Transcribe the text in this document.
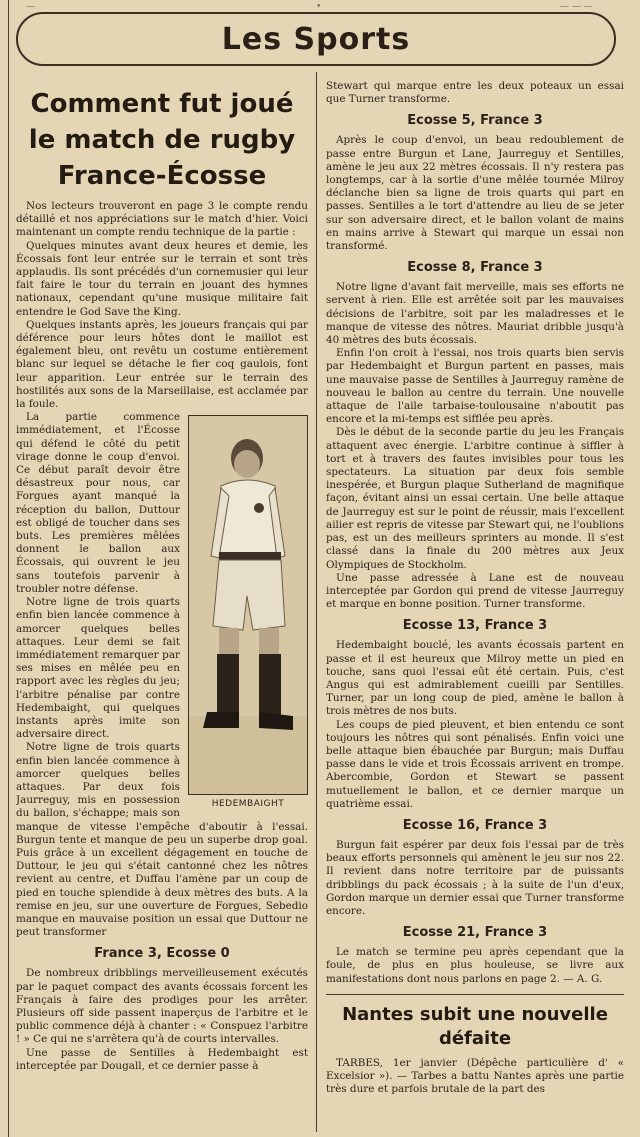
—	•	— — —
Les Sports
Comment fut joué
le match de rugby
France-Écosse

Nos lecteurs trouveront en page 3 le compte rendu détaillé et nos appréciations sur le match d'hier. Voici maintenant un compte rendu technique de la partie :

Quelques minutes avant deux heures et demie, les Écossais font leur entrée sur le terrain et sont très applaudis. Ils sont précédés d'un cornemusier qui leur fait faire le tour du terrain en jouant des hymnes nationaux, cependant qu'une musique militaire fait entendre le God Save the King.

Quelques instants après, les joueurs français qui par déférence pour leurs hôtes dont le maillot est également bleu, ont revêtu un costume entièrement blanc sur lequel se détache le fier coq gaulois, font leur apparition. Leur entrée sur le terrain des hostilités aux sons de la Marseillaise, est acclamée par la foule.

HEDEMBAIGHT

La partie commence immédiatement, et l'Écosse qui défend le côté du petit virage donne le coup d'envoi. Ce début paraît devoir être désastreux pour nous, car Forgues ayant manqué la réception du ballon, Duttour est obligé de toucher dans ses buts. Les premières mêlées donnent le ballon aux Écossais, qui ouvrent le jeu sans toutefois parvenir à troubler notre défense.

Notre ligne de trois quarts enfin bien lancée commence à amorcer quelques belles attaques. Leur demi se fait immédiatement remarquer par ses mises en mêlée peu en rapport avec les règles du jeu; l'arbitre pénalise par contre Hedembaight, qui quelques instants après imite son adversaire direct.

Notre ligne de trois quarts enfin bien lancée commence à amorcer quelques belles attaques. Par deux fois Jaurreguy, mis en possession du ballon, s'échappe; mais son manque de vitesse l'empêche d'aboutir à l'essai. Burgun tente et manque de peu un superbe drop goal. Puis grâce à un excellent dégagement en touche de Duttour, le jeu qui s'était cantonné chez les nôtres revient au centre, et Duffau l'amène par un coup de pied en touche splendide à deux mètres des buts. A la remise en jeu, sur une ouverture de Forgues, Sebedio manque en mauvaise position un essai que Duttour ne peut transformer

France 3, Ecosse 0

De nombreux dribblings merveilleusement exécutés par le paquet compact des avants écossais forcent les Français à faire des prodiges pour les arrêter. Plusieurs off side passent inaperçus de l'arbitre et le public commence déjà à chanter : « Conspuez l'arbitre ! » Ce qui ne s'arrêtera qu'à de courts intervalles.

Une passe de Sentilles à Hedembaight est interceptée par Dougall, et ce dernier passe à

Stewart qui marque entre les deux poteaux un essai que Turner transforme.

Ecosse 5, France 3

Après le coup d'envoi, un beau redoublement de passe entre Burgun et Lane, Jaurreguy et Sentilles, amène le jeu aux 22 mètres écossais. Il n'y restera pas longtemps, car à la sortie d'une mêlée tournée Milroy déclanche bien sa ligne de trois quarts qui part en passes. Sentilles a le tort d'attendre au lieu de se jeter sur son adversaire direct, et le ballon volant de mains en mains arrive à Stewart qui marque un essai non transformé.

Ecosse 8, France 3

Notre ligne d'avant fait merveille, mais ses efforts ne servent à rien. Elle est arrêtée soit par les mauvaises décisions de l'arbitre, soit par les maladresses et le manque de vitesse des nôtres. Mauriat dribble jusqu'à 40 mètres des buts écossais.

Enfin l'on croit à l'essai, nos trois quarts bien servis par Hedembaight et Burgun partent en passes, mais une mauvaise passe de Sentilles à Jaurreguy ramène de nouveau le ballon au centre du terrain. Une nouvelle attaque de l'aile tarbaise-toulousaine n'aboutit pas encore et la mi-temps est sifflée peu après.

Dès le début de la seconde partie du jeu les Français attaquent avec énergie. L'arbitre continue à siffler à tort et à travers des fautes invisibles pour tous les spectateurs. La situation par deux fois semble inespérée, et Burgun plaque Sutherland de magnifique façon, évitant ainsi un essai certain. Une belle attaque de Jaurreguy est sur le point de réussir, mais l'excellent ailier est repris de vitesse par Stewart qui, ne l'oublions pas, est un des meilleurs sprinters au monde. Il s'est classé dans la finale du 200 mètres aux Jeux Olympiques de Stockholm.

Une passe adressée à Lane est de nouveau interceptée par Gordon qui prend de vitesse Jaurreguy et marque en bonne position. Turner transforme.

Ecosse 13, France 3

Hedembaight bouclé, les avants écossais partent en passe et il est heureux que Milroy mette un pied en touche, sans quoi l'essai eût été certain. Puis, c'est Angus qui est admirablement cueilli par Sentilles. Turner, par un long coup de pied, amène le ballon à trois mètres de nos buts.

Les coups de pied pleuvent, et bien entendu ce sont toujours les nôtres qui sont pénalisés. Enfin voici une belle attaque bien ébauchée par Burgun; mais Duffau passe dans le vide et trois Écossais arrivent en trompe. Abercombie, Gordon et Stewart se passent mutuellement le ballon, et ce dernier marque un quatrième essai.

Ecosse 16, France 3

Burgun fait espérer par deux fois l'essai par de très beaux efforts personnels qui amènent le jeu sur nos 22. Il revient dans notre territoire par de puissants dribblings du pack écossais ; à la suite de l'un d'eux, Gordon marque un dernier essai que Turner transforme encore.

Ecosse 21, France 3

Le match se termine peu après cependant que la foule, de plus en plus houleuse, se livre aux manifestations dont nous parlons en page 2. — A. G.

Nantes subit une nouvelle
défaite

TARBES, 1er janvier (Dépêche particulière d' « Excelsior »). — Tarbes a battu Nantes après une partie très dure et parfois brutale de la part des
